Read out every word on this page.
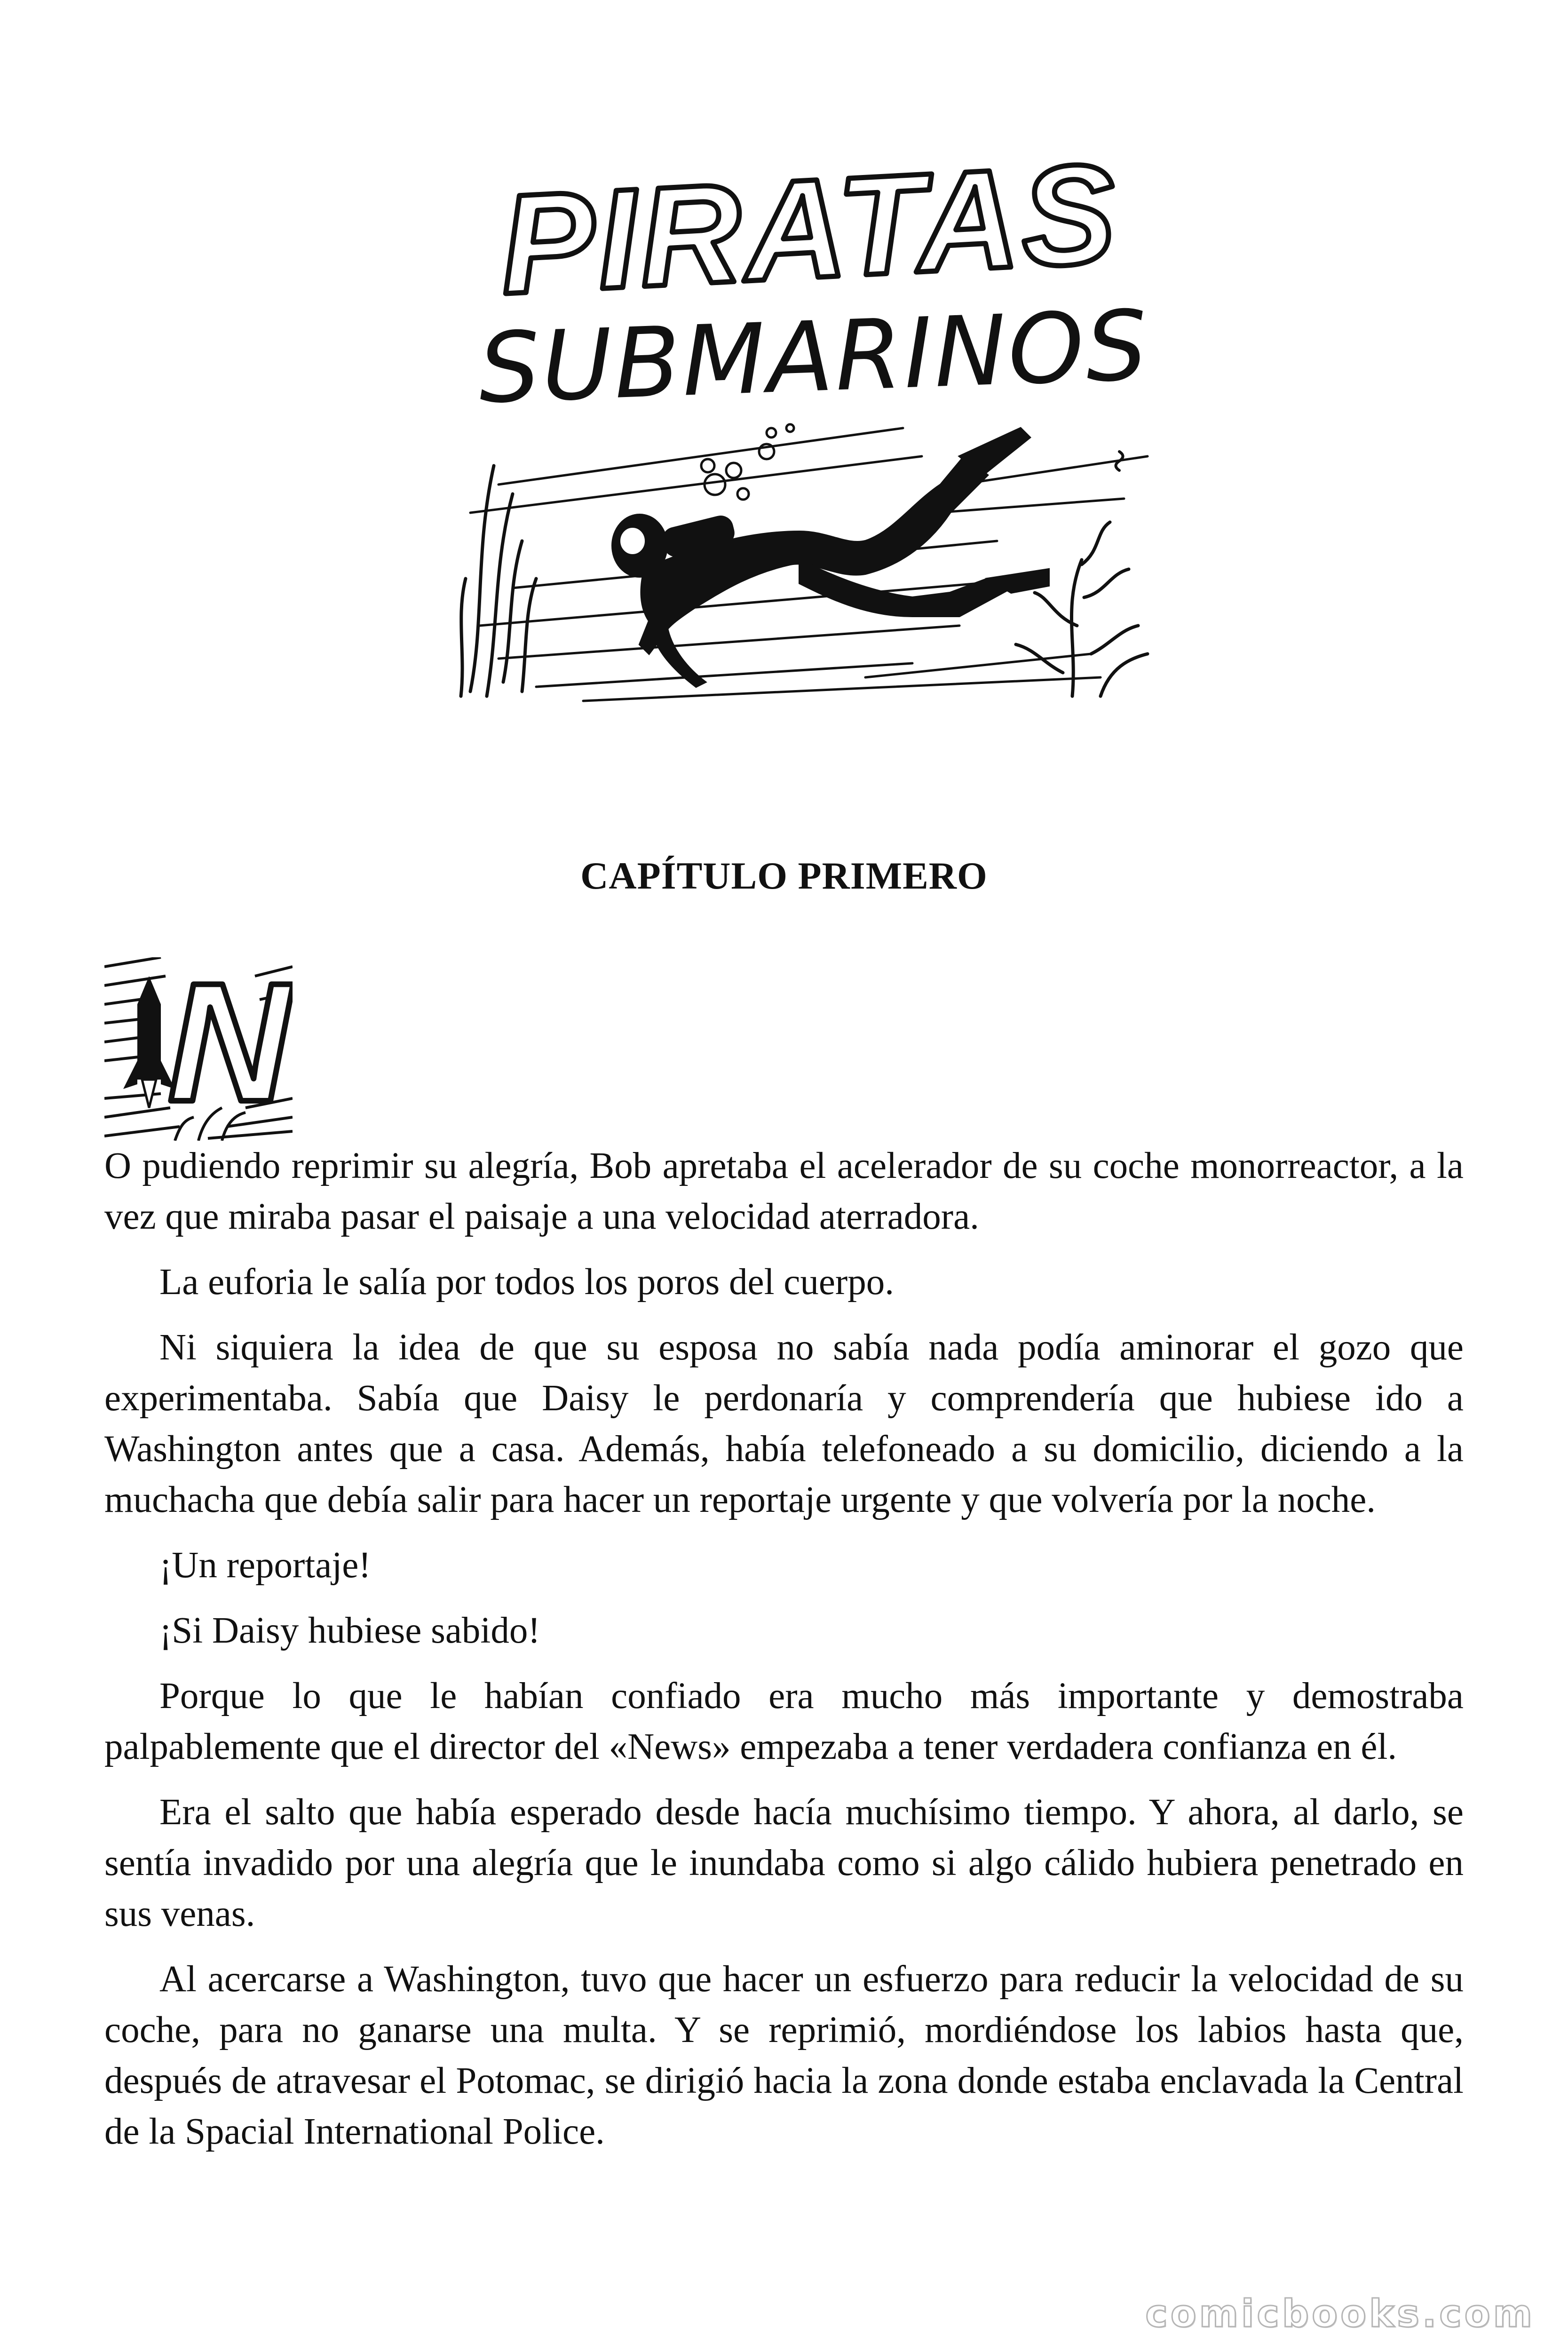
PIRATAS
SUBMARINOS
CAPÍTULO PRIMERO
N

O pudiendo reprimir su alegría, Bob apretaba el acelerador de su coche monorreactor, a la vez que miraba pasar el paisaje a una velocidad aterradora.

La euforia le salía por todos los poros del cuerpo.

Ni siquiera la idea de que su esposa no sabía nada podía aminorar el gozo que experimentaba. Sabía que Daisy le perdonaría y comprendería que hubiese ido a Washington antes que a casa. Además, había telefoneado a su domicilio, diciendo a la muchacha que debía salir para hacer un reportaje urgente y que volvería por la noche.

¡Un reportaje!

¡Si Daisy hubiese sabido!

Porque lo que le habían confiado era mucho más importante y demostraba palpablemente que el director del «News» empezaba a tener verdadera confianza en él.

Era el salto que había esperado desde hacía muchísimo tiempo. Y ahora, al darlo, se sentía invadido por una alegría que le inundaba como si algo cálido hubiera penetrado en sus venas.

Al acercarse a Washington, tuvo que hacer un esfuerzo para reducir la velocidad de su coche, para no ganarse una multa. Y se reprimió, mordiéndose los labios hasta que, después de atravesar el Potomac, se dirigió hacia la zona donde estaba enclavada la Central de la Spacial International Police.

comicbooks.com
